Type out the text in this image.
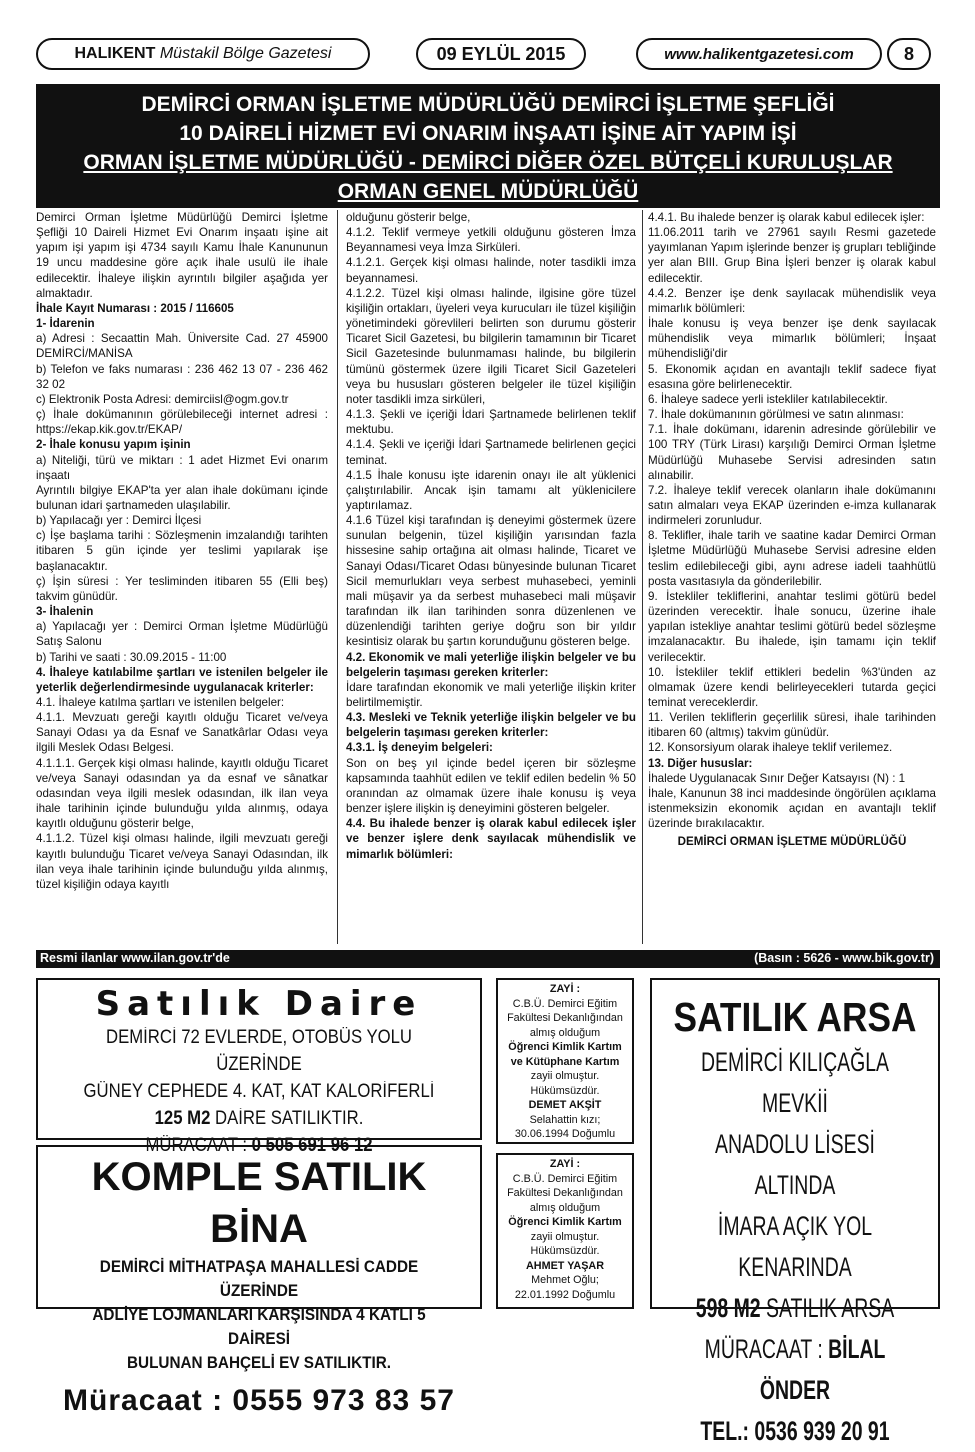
HALIKENT
Müstakil Bölge Gazetesi	09 EYLÜL 2015	www.halikentgazetesi.com	8
DEMİRCİ ORMAN İŞLETME MÜDÜRLÜĞÜ DEMİRCİ İŞLETME ŞEFLİĞİ
10 DAİRELİ HİZMET EVİ ONARIM İNŞAATI İŞİNE AİT YAPIM İŞİ
ORMAN İŞLETME MÜDÜRLÜĞÜ - DEMİRCİ DİĞER ÖZEL BÜTÇELİ KURULUŞLAR
ORMAN GENEL MÜDÜRLÜĞÜ

Demirci Orman İşletme Müdürlüğü Demirci İşletme Şefliği 10 Daireli Hizmet Evi Onarım inşaatı işine ait yapım işi yapım işi 4734 sayılı Kamu İhale Kanununun 19 uncu maddesine göre açık ihale usulü ile ihale edilecektir. İhaleye ilişkin ayrıntılı bilgiler aşağıda yer almaktadır.

İhale Kayıt Numarası : 2015 / 116605

1- İdarenin

a) Adresi : Secaattin Mah. Üniversite Cad. 27 45900 DEMİRCİ/MANİSA

b) Telefon ve faks numarası : 236 462 13 07 - 236 462 32 02

c) Elektronik Posta Adresi: demirciisl@ogm.gov.tr

ç) İhale dokümanının görülebileceği internet adresi : https://ekap.kik.gov.tr/EKAP/

2- İhale konusu yapım işinin

a) Niteliği, türü ve miktarı : 1 adet Hizmet Evi onarım inşaatı

Ayrıntılı bilgiye EKAP'ta yer alan ihale dokümanı içinde bulunan idari şartnameden ulaşılabilir.

b) Yapılacağı yer : Demirci İlçesi

c) İşe başlama tarihi : Sözleşmenin imzalandığı tarihten itibaren 5 gün içinde yer teslimi yapılarak işe başlanacaktır.

ç) İşin süresi : Yer tesliminden itibaren 55 (Elli beş) takvim günüdür.

3- İhalenin

a) Yapılacağı yer : Demirci Orman İşletme Müdürlüğü Satış Salonu

b) Tarihi ve saati : 30.09.2015 - 11:00

4. İhaleye katılabilme şartları ve istenilen belgeler ile yeterlik değerlendirmesinde uygulanacak kriterler:

4.1. İhaleye katılma şartları ve istenilen belgeler:

4.1.1. Mevzuatı gereği kayıtlı olduğu Ticaret ve/veya Sanayi Odası ya da Esnaf ve Sanatkârlar Odası veya ilgili Meslek Odası Belgesi.

4.1.1.1. Gerçek kişi olması halinde, kayıtlı olduğu Ticaret ve/veya Sanayi odasından ya da esnaf ve sânatkar odasından veya ilgili meslek odasından, ilk ilan veya ihale tarihinin içinde bulunduğu yılda alınmış, odaya kayıtlı olduğunu gösterir belge,

4.1.1.2. Tüzel kişi olması halinde, ilgili mevzuatı gereği kayıtlı bulunduğu Ticaret ve/veya Sanayi Odasından, ilk ilan veya ihale tarihinin içinde bulunduğu yılda alınmış, tüzel kişiliğin odaya kayıtlı

olduğunu gösterir belge,

4.1.2. Teklif vermeye yetkili olduğunu gösteren İmza Beyannamesi veya İmza Sirküleri.

4.1.2.1. Gerçek kişi olması halinde, noter tasdikli imza beyannamesi.

4.1.2.2. Tüzel kişi olması halinde, ilgisine göre tüzel kişiliğin ortakları, üyeleri veya kurucuları ile tüzel kişiliğin yönetimindeki görevlileri belirten son durumu gösterir Ticaret Sicil Gazetesi, bu bilgilerin tamamının bir Ticaret Sicil Gazetesinde bulunmaması halinde, bu bilgilerin tümünü göstermek üzere ilgili Ticaret Sicil Gazeteleri veya bu hususları gösteren belgeler ile tüzel kişiliğin noter tasdikli imza sirküleri,

4.1.3. Şekli ve içeriği İdari Şartnamede belirlenen teklif mektubu.

4.1.4. Şekli ve içeriği İdari Şartnamede belirlenen geçici teminat.

4.1.5 İhale konusu işte idarenin onayı ile alt yüklenici çalıştırılabilir. Ancak işin tamamı alt yüklenicilere yaptırılamaz.

4.1.6 Tüzel kişi tarafından iş deneyimi göstermek üzere sunulan belgenin, tüzel kişiliğin yarısından fazla hissesine sahip ortağına ait olması halinde, Ticaret ve Sanayi Odası/Ticaret Odası bünyesinde bulunan Ticaret Sicil memurlukları veya serbest muhasebeci, yeminli mali müşavir ya da serbest muhasebeci mali müşavir tarafından ilk ilan tarihinden sonra düzenlenen ve düzenlendiği tarihten geriye doğru son bir yıldır kesintisiz olarak bu şartın korunduğunu gösteren belge.

4.2. Ekonomik ve mali yeterliğe ilişkin belgeler ve bu belgelerin taşıması gereken kriterler:

İdare tarafından ekonomik ve mali yeterliğe ilişkin kriter belirtilmemiştir.

4.3. Mesleki ve Teknik yeterliğe ilişkin belgeler ve bu belgelerin taşıması gereken kriterler:

4.3.1. İş deneyim belgeleri:

Son on beş yıl içinde bedel içeren bir sözleşme kapsamında taahhüt edilen ve teklif edilen bedelin % 50 oranından az olmamak üzere ihale konusu iş veya benzer işlere ilişkin iş deneyimini gösteren belgeler.

4.4. Bu ihalede benzer iş olarak kabul edilecek işler ve benzer işlere denk sayılacak mühendislik ve mimarlık bölümleri:

4.4.1. Bu ihalede benzer iş olarak kabul edilecek işler:

11.06.2011 tarih ve 27961 sayılı Resmi gazetede yayımlanan Yapım işlerinde benzer iş grupları tebliğinde yer alan BIII. Grup Bina İşleri benzer iş olarak kabul edilecektir.

4.4.2. Benzer işe denk sayılacak mühendislik veya mimarlık bölümleri:

İhale konusu iş veya benzer işe denk sayılacak mühendislik veya mimarlık bölümleri; İnşaat mühendisliği'dir

5. Ekonomik açıdan en avantajlı teklif sadece fiyat esasına göre belirlenecektir.

6. İhaleye sadece yerli istekliler katılabilecektir.

7. İhale dokümanının görülmesi ve satın alınması:

7.1. İhale dokümanı, idarenin adresinde görülebilir ve 100 TRY (Türk Lirası) karşılığı Demirci Orman İşletme Müdürlüğü Muhasebe Servisi adresinden satın alınabilir.

7.2. İhaleye teklif verecek olanların ihale dokümanını satın almaları veya EKAP üzerinden e-imza kullanarak indirmeleri zorunludur.

8. Teklifler, ihale tarih ve saatine kadar Demirci Orman İşletme Müdürlüğü Muhasebe Servisi adresine elden teslim edilebileceği gibi, aynı adrese iadeli taahhütlü posta vasıtasıyla da gönderilebilir.

9. İstekliler tekliflerini, anahtar teslimi götürü bedel üzerinden verecektir. İhale sonucu, üzerine ihale yapılan istekliye anahtar teslimi götürü bedel sözleşme imzalanacaktır. Bu ihalede, işin tamamı için teklif verilecektir.

10. İstekliler teklif ettikleri bedelin %3'ünden az olmamak üzere kendi belirleyecekleri tutarda geçici teminat vereceklerdir.

11. Verilen tekliflerin geçerlilik süresi, ihale tarihinden itibaren 60 (altmış) takvim günüdür.

12. Konsorsiyum olarak ihaleye teklif verilemez.

13. Diğer hususlar:

İhalede Uygulanacak Sınır Değer Katsayısı (N) : 1

İhale, Kanunun 38 inci maddesinde öngörülen açıklama istenmeksizin ekonomik açıdan en avantajlı teklif üzerinde bırakılacaktır.

DEMİRCİ ORMAN İŞLETME MÜDÜRLÜĞÜ

Resmi ilanlar www.ilan.gov.tr'de	(Basın : 5626 - www.bik.gov.tr)
Satılık Daire
DEMİRCİ 72 EVLERDE, OTOBÜS YOLU ÜZERİNDE
GÜNEY CEPHEDE 4. KAT, KAT KALORİFERLİ
125 M2 DAİRE SATILIKTIR.
MÜRACAAT : 0 505 691 96 12
KOMPLE SATILIK BİNA
DEMİRCİ MİTHATPAŞA MAHALLESİ CADDE ÜZERİNDE
ADLİYE LOJMANLARI KARŞISINDA 4 KATLI 5 DAİRESİ
BULUNAN BAHÇELİ EV SATILIKTIR.
Müracaat : 0555 973 83 57
ZAYİ :
C.B.Ü. Demirci Eğitim
Fakültesi Dekanlığından
almış olduğum
Öğrenci Kimlik Kartım
ve Kütüphane Kartım
zayii olmuştur.
Hükümsüzdür.
DEMET AKŞİT
Selahattin kızı;
30.06.1994 Doğumlu
ZAYİ :
C.B.Ü. Demirci Eğitim
Fakültesi Dekanlığından
almış olduğum
Öğrenci Kimlik Kartım
zayii olmuştur.
Hükümsüzdür.
AHMET YAŞAR
Mehmet Oğlu;
22.01.1992 Doğumlu
SATILIK ARSA
DEMİRCİ KILIÇAĞLA MEVKİİ
ANADOLU LİSESİ ALTINDA
İMARA AÇIK YOL KENARINDA
598 M2 SATILIK ARSA
MÜRACAAT : BİLAL ÖNDER
TEL.: 0536 939 20 91
